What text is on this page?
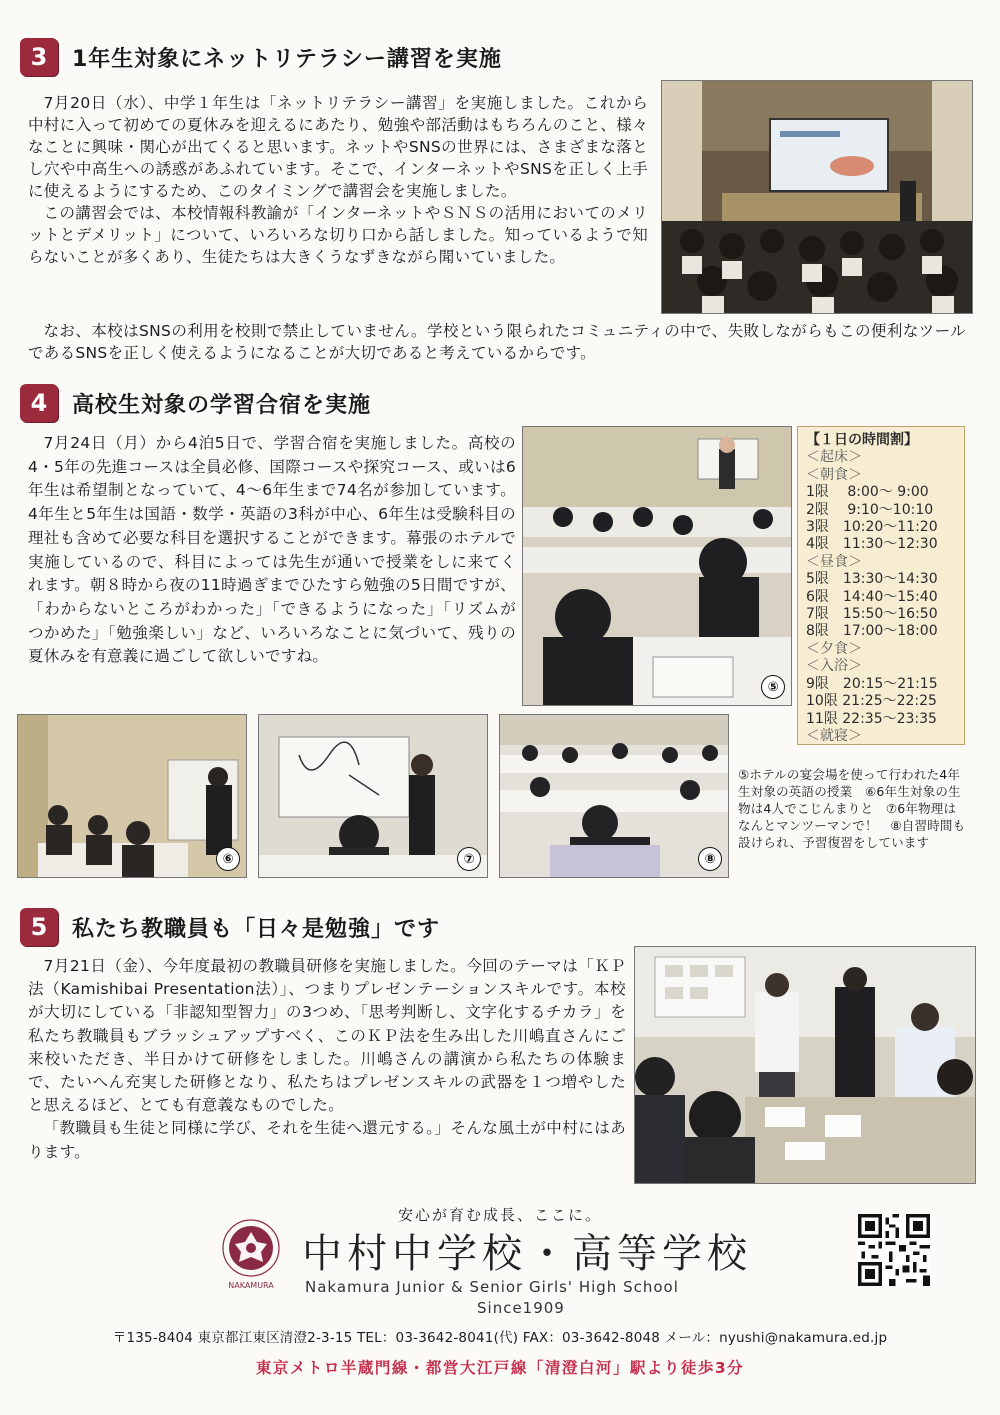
3	1年生対象にネットリテラシー講習を実施

7月20日（水）、中学１年生は「ネットリテラシー講習」を実施しました。これから中村に入って初めての夏休みを迎えるにあたり、勉強や部活動はもちろんのこと、様々なことに興味・関心が出てくると思います。ネットやSNSの世界には、さまざまな落とし穴や中高生への誘惑があふれています。そこで、インターネットやSNSを正しく上手に使えるようにするため、このタイミングで講習会を実施しました。

この講習会では、本校情報科教諭が「インターネットやＳＮＳの活用においてのメリットとデメリット」について、いろいろな切り口から話しました。知っているようで知らないことが多くあり、生徒たちは大きくうなずきながら聞いていました。

なお、本校はSNSの利用を校則で禁止していません。学校という限られたコミュニティの中で、失敗しながらもこの便利なツールであるSNSを正しく使えるようになることが大切であると考えているからです。

4	高校生対象の学習合宿を実施

7月24日（月）から4泊5日で、学習合宿を実施しました。高校の4・5年の先進コースは全員必修、国際コースや探究コース、或いは6年生は希望制となっていて、4～6年生まで74名が参加しています。4年生と5年生は国語・数学・英語の3科が中心、6年生は受験科目の理社も含めて必要な科目を選択することができます。幕張のホテルで実施しているので、科目によっては先生が通いで授業をしに来てくれます。朝８時から夜の11時過ぎまでひたすら勉強の5日間ですが、「わからないところがわかった」「できるようになった」「リズムがつかめた」「勉強楽しい」など、いろいろなことに気づいて、残りの夏休みを有意義に過ごして欲しいですね。

⑤
【１日の時間割】
＜起床＞
＜朝食＞
1限　 8:00～ 9:00
2限　 9:10～10:10
3限　10:20～11:20
4限　11:30～12:30
＜昼食＞
5限　13:30～14:30
6限　14:40～15:40
7限　15:50～16:50
8限　17:00～18:00
＜夕食＞
＜入浴＞
9限　20:15～21:15
10限 21:25～22:25
11限 22:35～23:35
＜就寝＞
⑥	⑦	⑧
⑤ホテルの宴会場を使って行われた4年生対象の英語の授業　⑥6年生対象の生物は4人でこじんまりと　⑦6年物理はなんとマンツーマンで！　⑧自習時間も設けられ、予習復習をしています
5	私たち教職員も「日々是勉強」です

7月21日（金）、今年度最初の教職員研修を実施しました。今回のテーマは「ＫＰ法（Kamishibai Presentation法）」、つまりプレゼンテーションスキルです。本校が大切にしている「非認知型智力」の3つめ、「思考判断し、文字化するチカラ」を私たち教職員もブラッシュアップすべく、このＫＰ法を生み出した川嶋直さんにご来校いただき、半日かけて研修をしました。川嶋さんの講演から私たちの体験まで、たいへん充実した研修となり、私たちはプレゼンスキルの武器を１つ増やしたと思えるほど、とても有意義なものでした。

「教職員も生徒と同様に学び、それを生徒へ還元する。」そんな風土が中村にはあります。

安心が育む成長、ここに。
NAKAMURA
中村中学校・高等学校
Nakamura Junior & Senior Girls' High School
Since1909
〒135-8404 東京都江東区清澄2-3-15 TEL：03-3642-8041(代) FAX：03-3642-8048 メール：nyushi@nakamura.ed.jp
東京メトロ半蔵門線・都営大江戸線「清澄白河」駅より徒歩3分
